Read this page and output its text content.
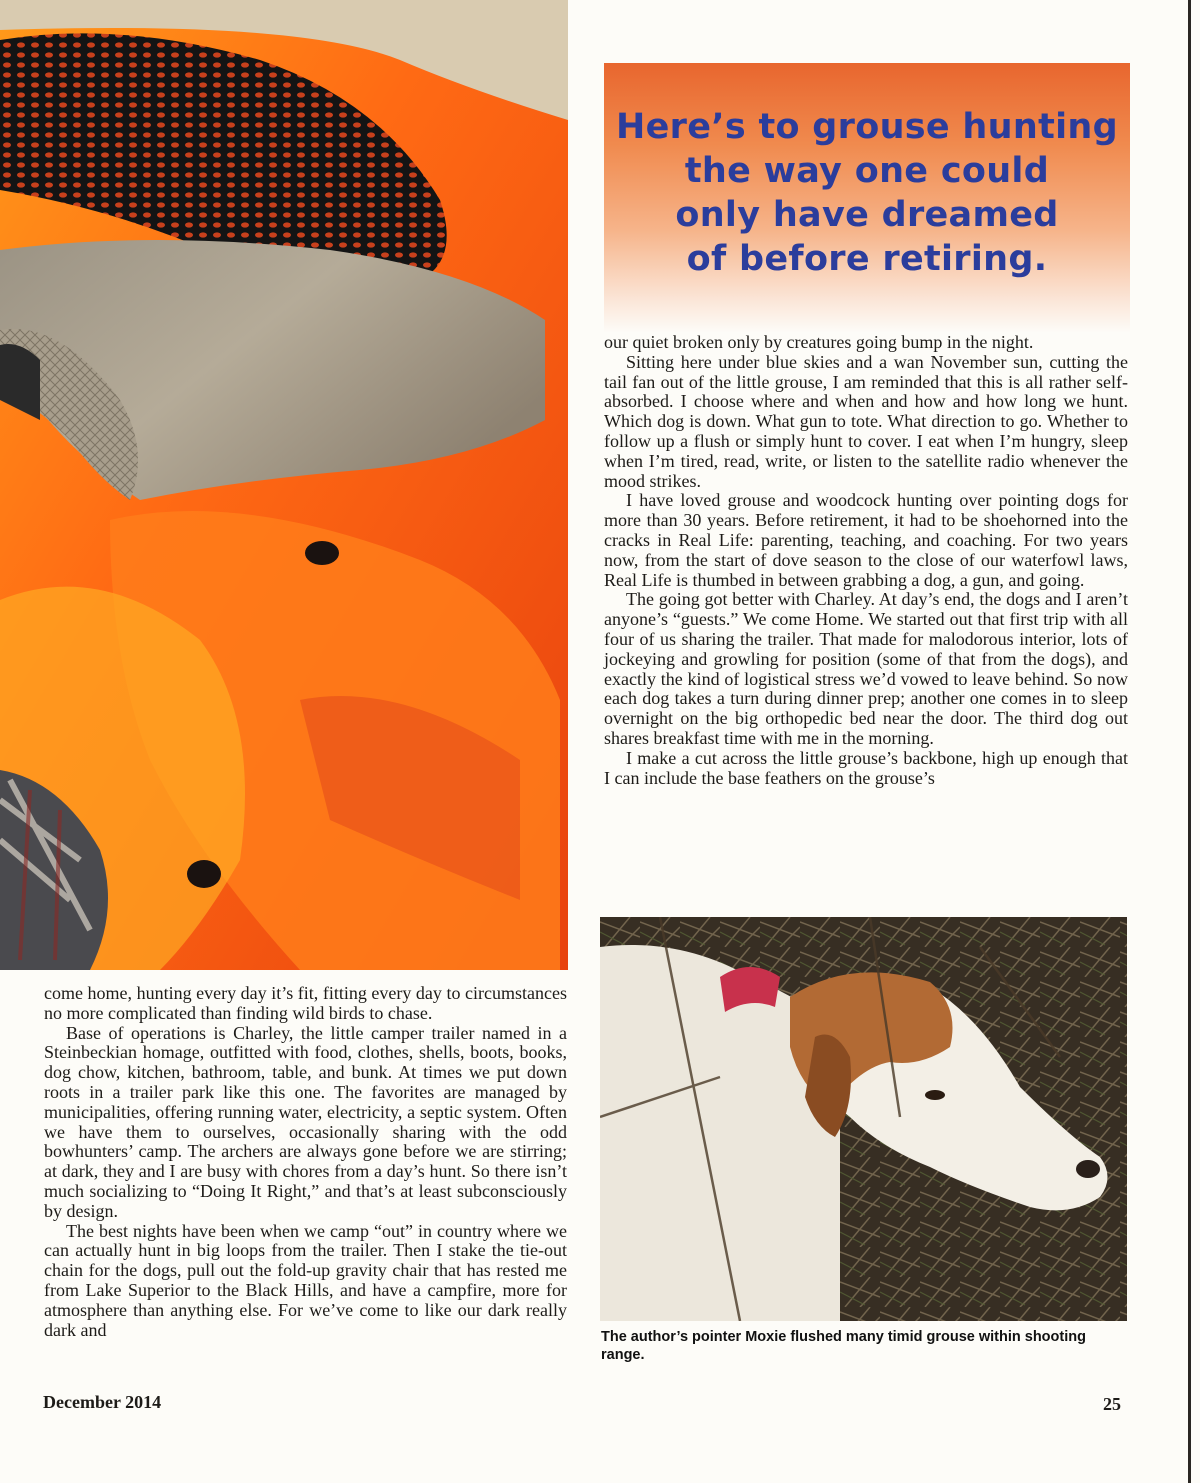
Here’s to grouse hunting
the way one could
only have dreamed
of before retiring.

our quiet broken only by creatures going bump in the night.

Sitting here under blue skies and a wan November sun, cutting the tail fan out of the little grouse, I am reminded that this is all rather self-absorbed. I choose where and when and how and how long we hunt. Which dog is down. What gun to tote. What direction to go. Whether to follow up a flush or simply hunt to cover. I eat when I’m hungry, sleep when I’m tired, read, write, or listen to the satellite radio whenever the mood strikes.

I have loved grouse and woodcock hunting over pointing dogs for more than 30 years. Before retirement, it had to be shoehorned into the cracks in Real Life: parenting, teaching, and coaching. For two years now, from the start of dove season to the close of our waterfowl laws, Real Life is thumbed in between grabbing a dog, a gun, and going.

The going got better with Charley. At day’s end, the dogs and I aren’t anyone’s “guests.” We come Home. We started out that first trip with all four of us sharing the trailer. That made for malodorous interior, lots of jockeying and growling for position (some of that from the dogs), and exactly the kind of logistical stress we’d vowed to leave behind. So now each dog takes a turn during dinner prep; another one comes in to sleep overnight on the big orthopedic bed near the door. The third dog out shares breakfast time with me in the morning.

I make a cut across the little grouse’s backbone, high up enough that I can include the base feathers on the grouse’s

The author’s pointer Moxie flushed many timid grouse within shooting range.

come home, hunting every day it’s fit, fitting every day to circumstances no more complicated than finding wild birds to chase.

Base of operations is Charley, the little camper trailer named in a Steinbeckian homage, outfitted with food, clothes, shells, boots, books, dog chow, kitchen, bathroom, table, and bunk. At times we put down roots in a trailer park like this one. The favorites are managed by municipalities, offering running water, electricity, a septic system. Often we have them to ourselves, occasionally sharing with the odd bowhunters’ camp. The archers are always gone before we are stirring; at dark, they and I are busy with chores from a day’s hunt. So there isn’t much socializing to “Doing It Right,” and that’s at least subconsciously by design.

The best nights have been when we camp “out” in country where we can actually hunt in big loops from the trailer. Then I stake the tie-out chain for the dogs, pull out the fold-up gravity chair that has rested me from Lake Superior to the Black Hills, and have a campfire, more for atmosphere than anything else. For we’ve come to like our dark really dark and

December 2014	25
